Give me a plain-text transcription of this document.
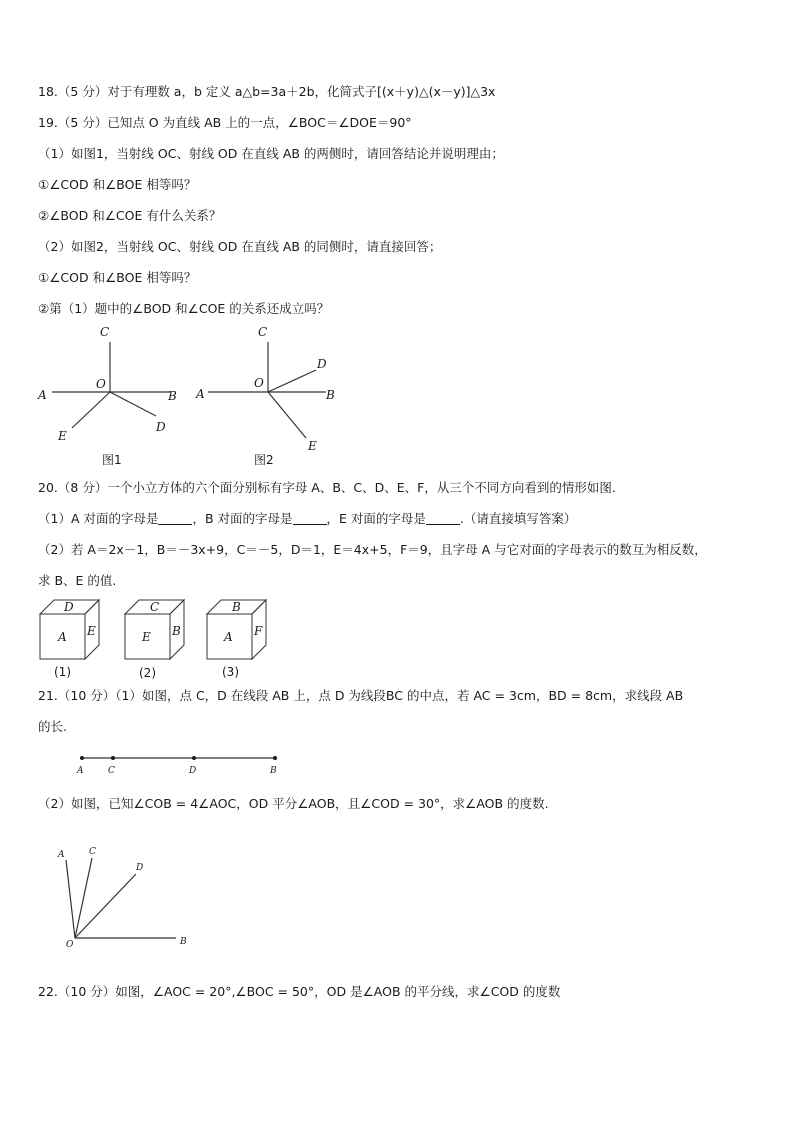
18.（5 分）对于有理数 a，b 定义 a△b=3a＋2b，化简式子[(x＋y)△(x－y)]△3x
19.（5 分）已知点 O 为直线 AB 上的一点，∠BOC＝∠DOE＝90°
（1）如图1，当射线 OC、射线 OD 在直线 AB 的两侧时，请回答结论并说明理由；
①∠COD 和∠BOE 相等吗？
②∠BOD 和∠COE 有什么关系？
（2）如图2，当射线 OC、射线 OD 在直线 AB 的同侧时，请直接回答；
①∠COD 和∠BOE 相等吗？
②第（1）题中的∠BOD 和∠COE 的关系还成立吗？
C
O
A	B
E
D
图1
C
D
O
A	B
E
图2
20.（8 分）一个小立方体的六个面分别标有字母 A、B、C、D、E、F，从三个不同方向看到的情形如图.
（1）A 对面的字母是	，B 对面的字母是	，E 对面的字母是	.（请直接填写答案）
（2）若 A＝2x－1，B＝－3x+9，C＝－5，D＝1，E＝4x+5，F＝9，且字母 A 与它对面的字母表示的数互为相反数，
求 B、E 的值.
D
A E
(1)
C
E B
(2)
B
A F
(3)
21.（10 分）（1）如图，点 C，D 在线段 AB 上，点 D 为线段BC 的中点，若 AC = 3cm，BD = 8cm，求线段 AB
的长.
A	C	D	B
（2）如图，已知∠COB = 4∠AOC，OD 平分∠AOB，且∠COD = 30°，求∠AOB 的度数.
A	C
D
O	B
22.（10 分）如图，∠AOC = 20°,∠BOC = 50°，OD 是∠AOB 的平分线，求∠COD 的度数
